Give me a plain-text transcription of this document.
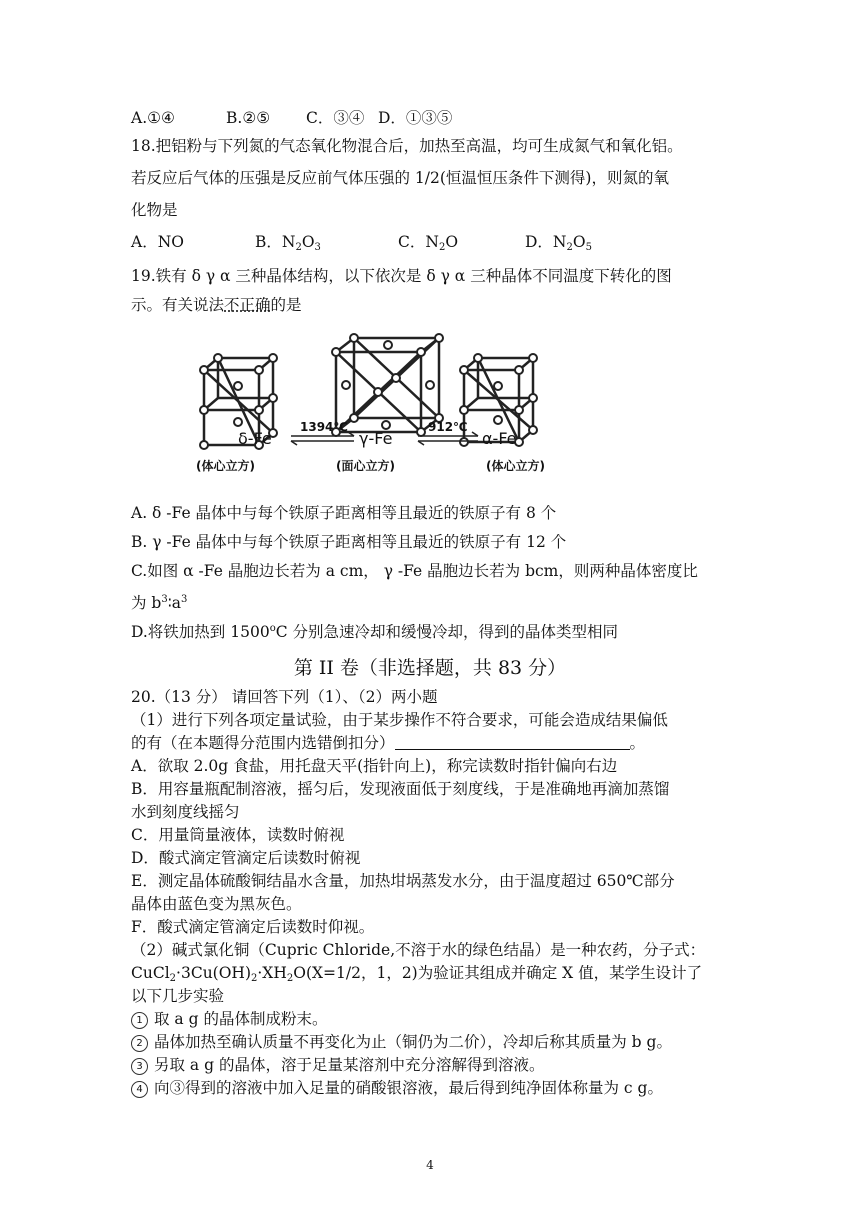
A.①④	B.②⑤ C．③④ D．①③⑤
18.把铝粉与下列氮的气态氧化物混合后，加热至高温，均可生成氮气和氧化铝。
若反应后气体的压强是反应前气体压强的 1/2(恒温恒压条件下测得)，则氮的氧
化物是
A．NO	B．N2O3	C．N2O	D．N2O5
19.铁有 δ γ α 三种晶体结构，以下依次是 δ γ α 三种晶体不同温度下转化的图
示。有关说法不正确的是
1394℃	912℃
δ-Fe	γ-Fe	α-Fe
(体心立方)	(面心立方)	(体心立方)
A. δ -Fe 晶体中与每个铁原子距离相等且最近的铁原子有 8 个
B. γ -Fe 晶体中与每个铁原子距离相等且最近的铁原子有 12 个
C.如图 α -Fe 晶胞边长若为 a cm， γ -Fe 晶胞边长若为 bcm，则两种晶体密度比
为 $b^3∶a^3$
D.将铁加热到 1500$^o$C 分别急速冷却和缓慢冷却，得到的晶体类型相同
第 II 卷（非选择题，共 83 分）
20.（13 分） 请回答下列（1）、（2）两小题
（1）进行下列各项定量试验，由于某步操作不符合要求，可能会造成结果偏低
的有（在本题得分范围内选错倒扣分）	。
A．欲取 2.0g 食盐，用托盘天平(指针向上)，称完读数时指针偏向右边
B．用容量瓶配制溶液，摇匀后，发现液面低于刻度线，于是准确地再滴加蒸馏
水到刻度线摇匀
C．用量筒量液体，读数时俯视
D．酸式滴定管滴定后读数时俯视
E．测定晶体硫酸铜结晶水含量，加热坩埚蒸发水分，由于温度超过 650℃部分
晶体由蓝色变为黑灰色。
F．酸式滴定管滴定后读数时仰视。
（2）碱式氯化铜（Cupric Chloride,不溶于水的绿色结晶）是一种农药，分子式：
$CuCl_2\cdot 3Cu(OH)_2\cdot XH_2O(X=1/2$，1，2)为验证其组成并确定 X 值，某学生设计了
以下几步实验
1 取 a g 的晶体制成粉末。
2 晶体加热至确认质量不再变化为止（铜仍为二价），冷却后称其质量为 b g。
3 另取 a g 的晶体，溶于足量某溶剂中充分溶解得到溶液。
4 向③得到的溶液中加入足量的硝酸银溶液，最后得到纯净固体称量为 c g。
4
